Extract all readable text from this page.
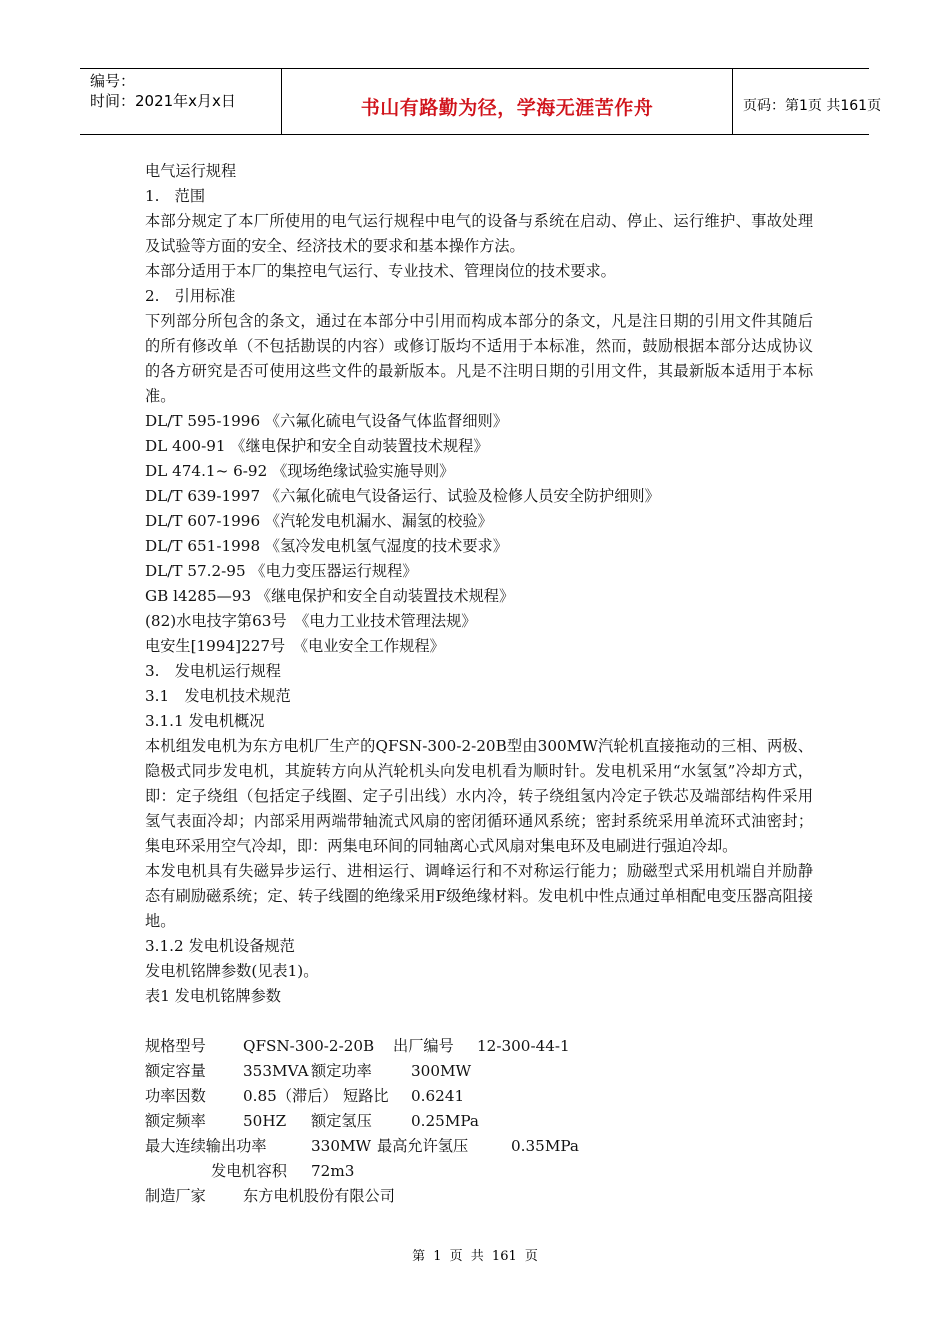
编号：
时间：2021年x月x日	书山有路勤为径，学海无涯苦作舟	页码：第1页 共161页
电气运行规程
1.　范围
本部分规定了本厂所使用的电气运行规程中电气的设备与系统在启动、停止、运行维护、事故处理及试验等方面的安全、经济技术的要求和基本操作方法。
本部分适用于本厂的集控电气运行、专业技术、管理岗位的技术要求。
2.　引用标准
下列部分所包含的条文，通过在本部分中引用而构成本部分的条文，凡是注日期的引用文件其随后的所有修改单（不包括勘误的内容）或修订版均不适用于本标准，然而，鼓励根据本部分达成协议的各方研究是否可使用这些文件的最新版本。凡是不注明日期的引用文件，其最新版本适用于本标准。
DL/T 595-1996 《六氟化硫电气设备气体监督细则》
DL 400-91 《继电保护和安全自动装置技术规程》
DL 474.1~ 6-92 《现场绝缘试验实施导则》
DL/T 639-1997 《六氟化硫电气设备运行、试验及检修人员安全防护细则》
DL/T 607-1996 《汽轮发电机漏水、漏氢的校验》
DL/T 651-1998 《氢冷发电机氢气湿度的技术要求》
DL/T 57.2-95 《电力变压器运行规程》
GB l4285—93 《继电保护和安全自动装置技术规程》
(82)水电技字第63号　《电力工业技术管理法规》
电安生[1994]227号　《电业安全工作规程》
3.　发电机运行规程
3.1　发电机技术规范
3.1.1 发电机概况
本机组发电机为东方电机厂生产的QFSN-300-2-20B型由300MW汽轮机直接拖动的三相、两极、隐极式同步发电机，其旋转方向从汽轮机头向发电机看为顺时针。发电机采用“水氢氢”冷却方式，即：定子绕组（包括定子线圈、定子引出线）水内冷，转子绕组氢内冷定子铁芯及端部结构件采用氢气表面冷却；内部采用两端带轴流式风扇的密闭循环通风系统；密封系统采用单流环式油密封；集电环采用空气冷却，即：两集电环间的同轴离心式风扇对集电环及电刷进行强迫冷却。
本发电机具有失磁异步运行、进相运行、调峰运行和不对称运行能力；励磁型式采用机端自并励静态有刷励磁系统；定、转子线圈的绝缘采用F级绝缘材料。发电机中性点通过单相配电变压器高阻接地。
3.1.2 发电机设备规范
发电机铭牌参数(见表1)。
表1 发电机铭牌参数
规格型号 QFSN-300-2-20B 出厂编号 12-300-44-1
额定容量 353MVA 额定功率	300MW
功率因数 0.85（滞后） 短路比 0.6241
额定频率 50HZ 额定氢压	0.25MPa
最大连续输出功率	330MW 最高允许氢压	0.35MPa
发电机容积 72m3
制造厂家 东方电机股份有限公司
第 1 页 共 161 页
